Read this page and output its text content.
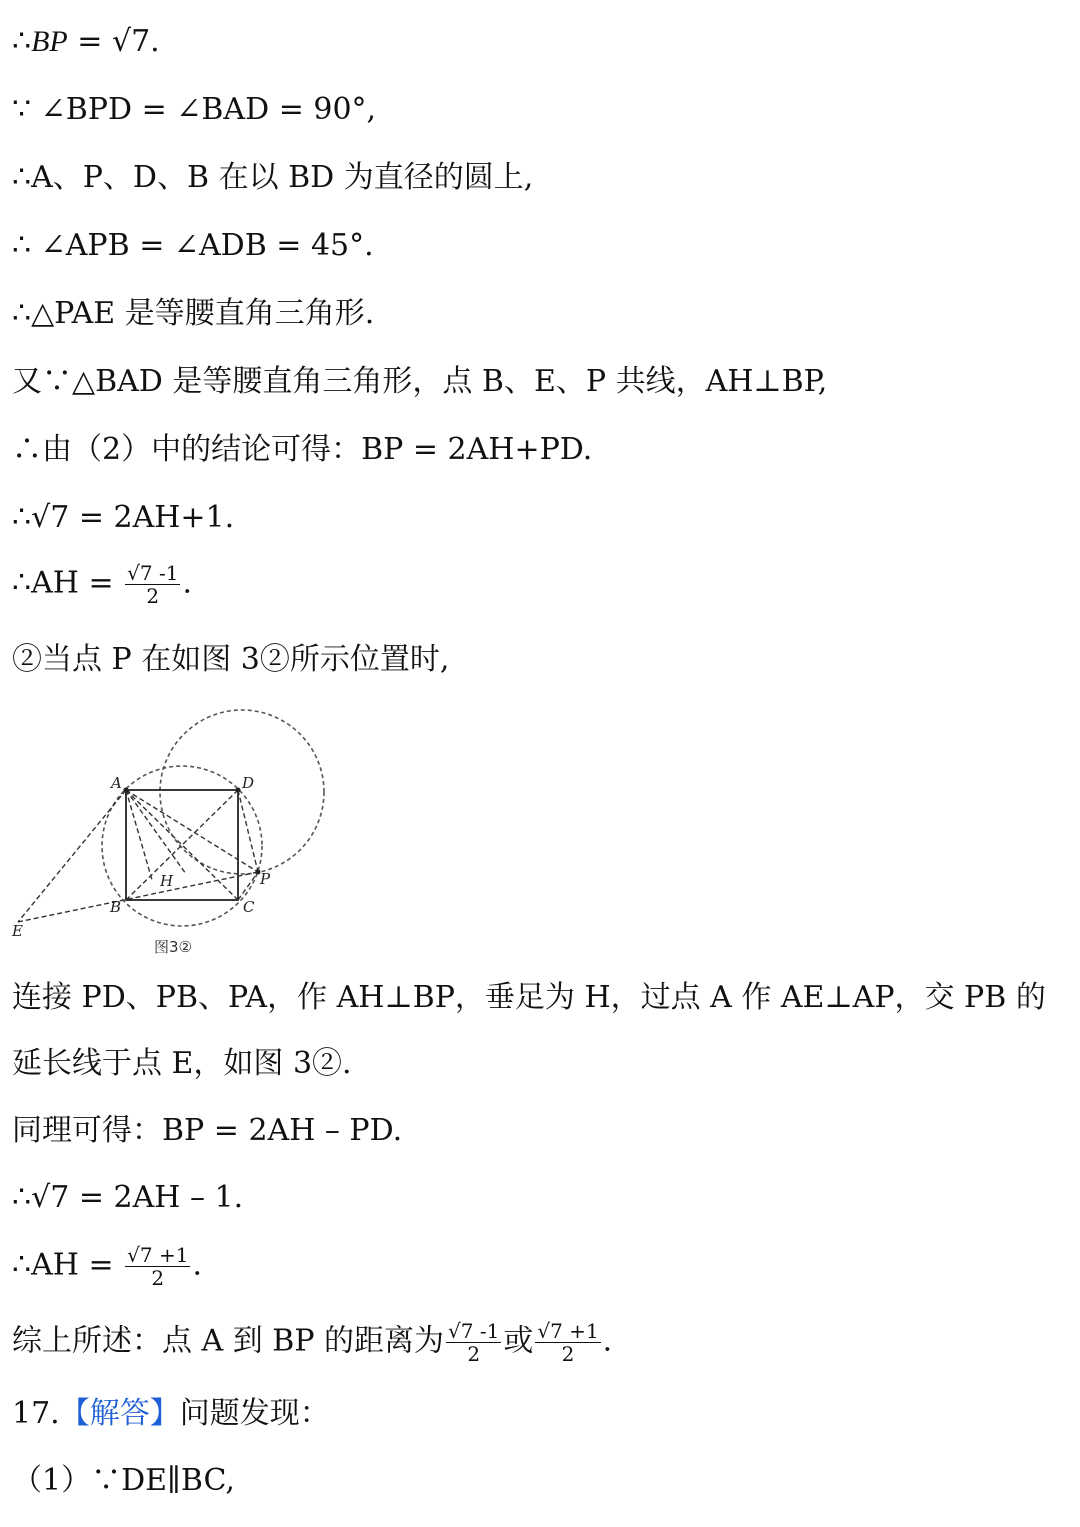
∴BP = √7.
∵ ∠BPD = ∠BAD = 90°,
∴A、P、D、B 在以 BD 为直径的圆上,
∴ ∠APB = ∠ADB = 45°.
∴△PAE 是等腰直角三角形.
又∵△BAD 是等腰直角三角形，点 B、E、P 共线，AH⊥BP,
∴由（2）中的结论可得：BP = 2AH+PD.
∴√7 = 2AH+1.
∴AH = $\frac{√7 -1}{2}$ .
②当点 P 在如图 3②所示位置时,
A	D
B	C
P
H
E
图3②
连接 PD、PB、PA，作 AH⊥BP，垂足为 H，过点 A 作 AE⊥AP，交 PB 的
延长线于点 E，如图 3②.
同理可得：BP = 2AH – PD.
∴√7 = 2AH – 1.
∴AH = $\frac{√7 +1}{2}$ .
综上所述：点 A 到 BP 的距离为 $\frac{√7 -1}{2}$ 或 $\frac{√7 +1}{2}$ .
17.【解答】问题发现：
（1）∵DE∥BC,
